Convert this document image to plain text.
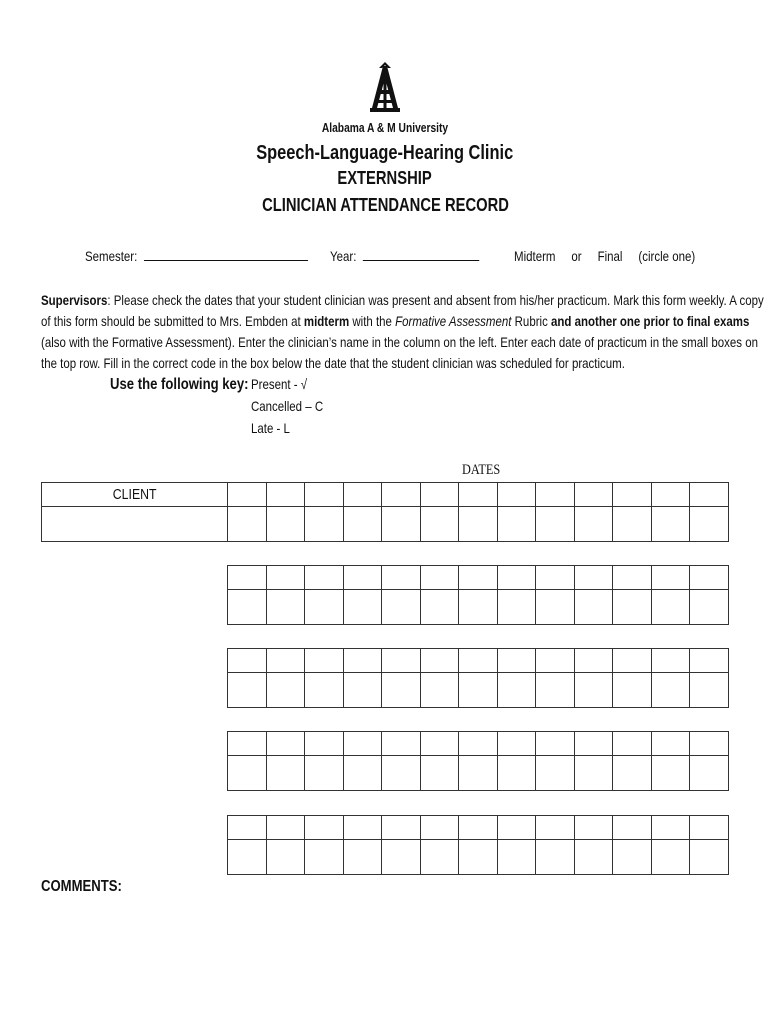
Alabama A & M University
Speech-Language-Hearing Clinic
EXTERNSHIP
CLINICIAN ATTENDANCE RECORD
Semester:	Year:	Midterm or Final (circle one)

Supervisors: Please check the dates that your student clinician was present and absent from his/her practicum. Mark this form weekly. A copy

of this form should be submitted to Mrs. Embden at midterm with the Formative Assessment Rubric and another one prior to final exams

(also with the Formative Assessment). Enter the clinician’s name in the column on the left. Enter each date of practicum in the small boxes on

the top row. Fill in the correct code in the box below the date that the student clinician was scheduled for practicum.

Use the following key: Present - √
Cancelled – C
Late - L
DATES
CLIENT													

COMMENTS:
